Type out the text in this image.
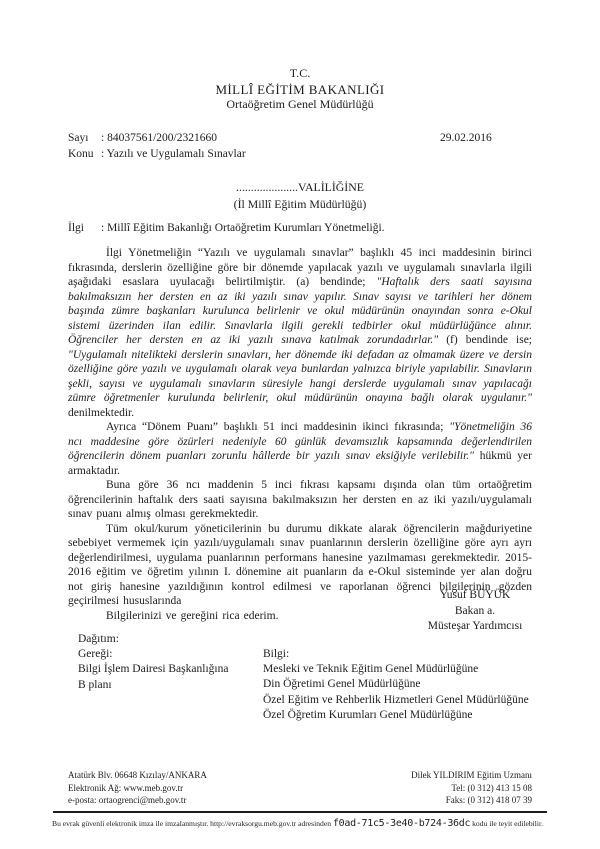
T.C.
MİLLÎ EĞİTİM BAKANLIĞI
Ortaöğretim Genel Müdürlüğü
Sayı : 84037561/200/2321660	29.02.2016
Konu : Yazılı ve Uygulamalı Sınavlar
.....................VALİLİĞİNE
(İl Millî Eğitim Müdürlüğü)
İlgi : Millî Eğitim Bakanlığı Ortaöğretim Kurumları Yönetmeliği.

İlgi Yönetmeliğin “Yazılı ve uygulamalı sınavlar” başlıklı 45 inci maddesinin birinci fıkrasında, derslerin özelliğine göre bir dönemde yapılacak yazılı ve uygulamalı sınavlarla ilgili aşağıdaki esaslara uyulacağı belirtilmiştir. (a) bendinde; "Haftalık ders saati sayısına bakılmaksızın her dersten en az iki yazılı sınav yapılır. Sınav sayısı ve tarihleri her dönem başında zümre başkanları kurulunca belirlenir ve okul müdürünün onayından sonra e-Okul sistemi üzerinden ilan edilir. Sınavlarla ilgili gerekli tedbirler okul müdürlüğünce alınır. Öğrenciler her dersten en az iki yazılı sınava katılmak zorundadırlar." (f) bendinde ise; "Uygulamalı nitelikteki derslerin sınavları, her dönemde iki defadan az olmamak üzere ve dersin özelliğine göre yazılı ve uygulamalı olarak veya bunlardan yalnızca biriyle yapılabilir. Sınavların şekli, sayısı ve uygulamalı sınavların süresiyle hangi derslerde uygulamalı sınav yapılacağı zümre öğretmenler kurulunda belirlenir, okul müdürünün onayına bağlı olarak uygulanır." denilmektedir.

Ayrıca “Dönem Puanı” başlıklı 51 inci maddesinin ikinci fıkrasında; "Yönetmeliğin 36 ncı maddesine göre özürleri nedeniyle 60 günlük devamsızlık kapsamında değerlendirilen öğrencilerin dönem puanları zorunlu hâllerde bir yazılı sınav eksiğiyle verilebilir." hükmü yer armaktadır.

Buna göre 36 ncı maddenin 5 inci fıkrası kapsamı dışında olan tüm ortaöğretim öğrencilerinin haftalık ders saati sayısına bakılmaksızın her dersten en az iki yazılı/uygulamalı sınav puanı almış olması gerekmektedir.

Tüm okul/kurum yöneticilerinin bu durumu dikkate alarak öğrencilerin mağduriyetine sebebiyet vermemek için yazılı/uygulamalı sınav puanlarının derslerin özelliğine göre ayrı ayrı değerlendirilmesi, uygulama puanlarının performans hanesine yazılmaması gerekmektedir. 2015-2016 eğitim ve öğretim yılının I. dönemine ait puanların da e-Okul sisteminde yer alan doğru not giriş hanesine yazıldığının kontrol edilmesi ve raporlanan öğrenci bilgilerinin gözden geçirilmesi hususlarında

Bilgilerinizi ve gereğini rica ederim.

Yusuf BÜYÜK
Bakan a.
Müsteşar Yardımcısı
Dağıtım:
Gereği:
Bilgi İşlem Dairesi Başkanlığına
B planı
Bilgi:
Mesleki ve Teknik Eğitim Genel Müdürlüğüne
Din Öğretimi Genel Müdürlüğüne
Özel Eğitim ve Rehberlik Hizmetleri Genel Müdürlüğüne
Özel Öğretim Kurumları Genel Müdürlüğüne
Atatürk Blv. 06648 Kızılay/ANKARA
Elektronik Ağ: www.meb.gov.tr
e-posta: ortaogrenci@meb.gov.tr
Dilek YILDIRIM Eğitim Uzmanı
Tel: (0 312) 413 15 08
Faks: (0 312) 418 07 39
Bu evrak güvenli elektronik imza ile imzalanmıştır. http://evraksorgu.meb.gov.tr adresinden f0ad-71c5-3e40-b724-36dc kodu ile teyit edilebilir.
